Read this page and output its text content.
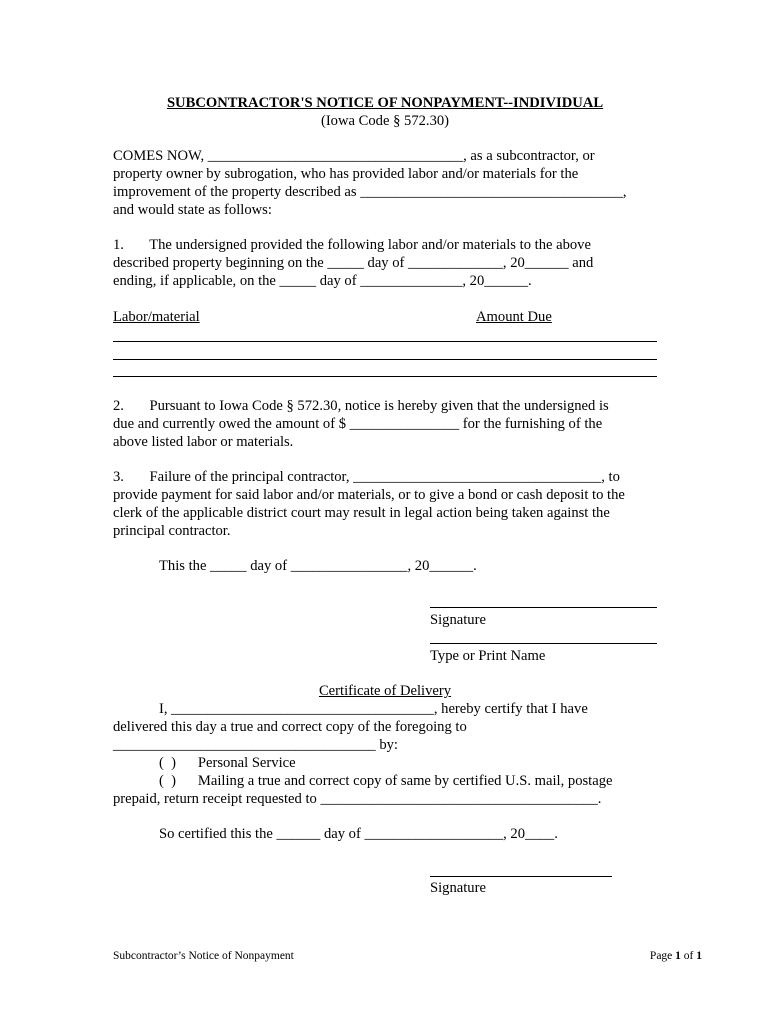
SUBCONTRACTOR'S NOTICE OF NONPAYMENT--INDIVIDUAL
(Iowa Code § 572.30)
COMES NOW, ___________________________________, as a subcontractor, or
property owner by subrogation, who has provided labor and/or materials for the
improvement of the property described as ____________________________________,
and would state as follows:
1.       The undersigned provided the following labor and/or materials to the above
described property beginning on the _____ day of _____________, 20______ and
ending, if applicable, on the _____ day of ______________, 20______.
Labor/material	Amount Due
2.       Pursuant to Iowa Code § 572.30, notice is hereby given that the undersigned is
due and currently owed the amount of $ _______________ for the furnishing of the
above listed labor or materials.
3.       Failure of the principal contractor, __________________________________, to
provide payment for said labor and/or materials, or to give a bond or cash deposit to the
clerk of the applicable district court may result in legal action being taken against the
principal contractor.
This the _____ day of ________________, 20______.
Signature
Type or Print Name
Certificate of Delivery
I, ____________________________________, hereby certify that I have
delivered this day a true and correct copy of the foregoing to
____________________________________ by:
(  )      Personal Service
(  )      Mailing a true and correct copy of same by certified U.S. mail, postage
prepaid, return receipt requested to ______________________________________.
So certified this the ______ day of ___________________, 20____.
Signature
Subcontractor’s Notice of Nonpayment	Page 1 of 1
